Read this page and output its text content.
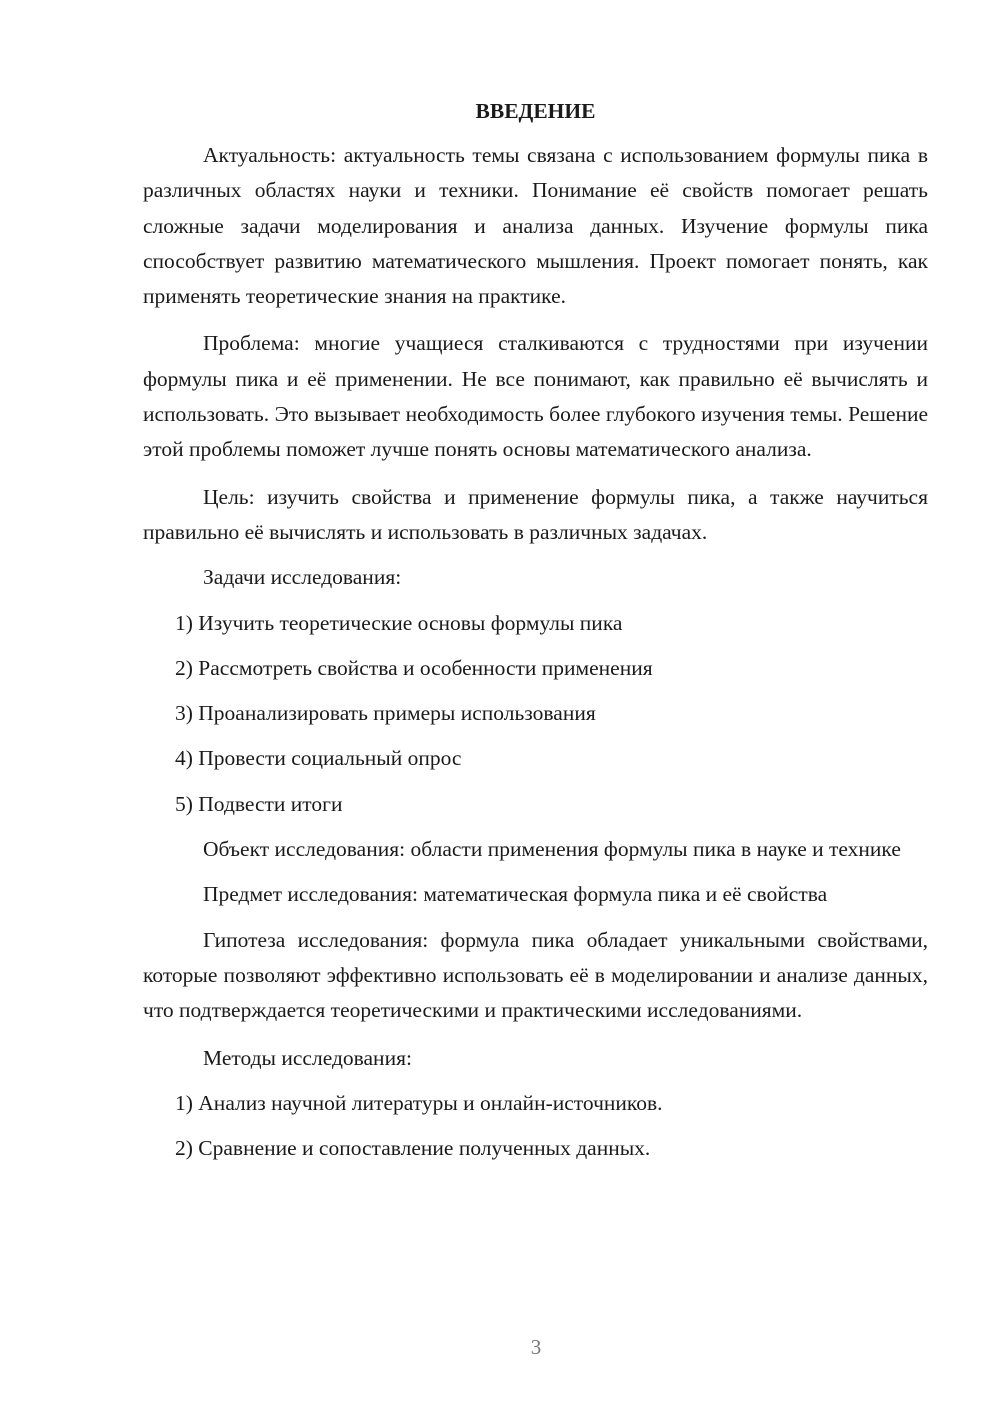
ВВЕДЕНИЕ

Актуальность: актуальность темы связана с использованием формулы пика в различных областях науки и техники. Понимание её свойств помогает решать сложные задачи моделирования и анализа данных. Изучение формулы пика способствует развитию математического мышления. Проект помогает понять, как применять теоретические знания на практике.

Проблема: многие учащиеся сталкиваются с трудностями при изучении формулы пика и её применении. Не все понимают, как правильно её вычислять и использовать. Это вызывает необходимость более глубокого изучения темы. Решение этой проблемы поможет лучше понять основы математического анализа.

Цель: изучить свойства и применение формулы пика, а также научиться правильно её вычислять и использовать в различных задачах.

Задачи исследования:

1) Изучить теоретические основы формулы пика

2) Рассмотреть свойства и особенности применения

3) Проанализировать примеры использования

4) Провести социальный опрос

5) Подвести итоги

Объект исследования: области применения формулы пика в науке и технике

Предмет исследования: математическая формула пика и её свойства

Гипотеза исследования: формула пика обладает уникальными свойствами, которые позволяют эффективно использовать её в моделировании и анализе данных, что подтверждается теоретическими и практическими исследованиями.

Методы исследования:

1) Анализ научной литературы и онлайн-источников.

2) Сравнение и сопоставление полученных данных.

3
